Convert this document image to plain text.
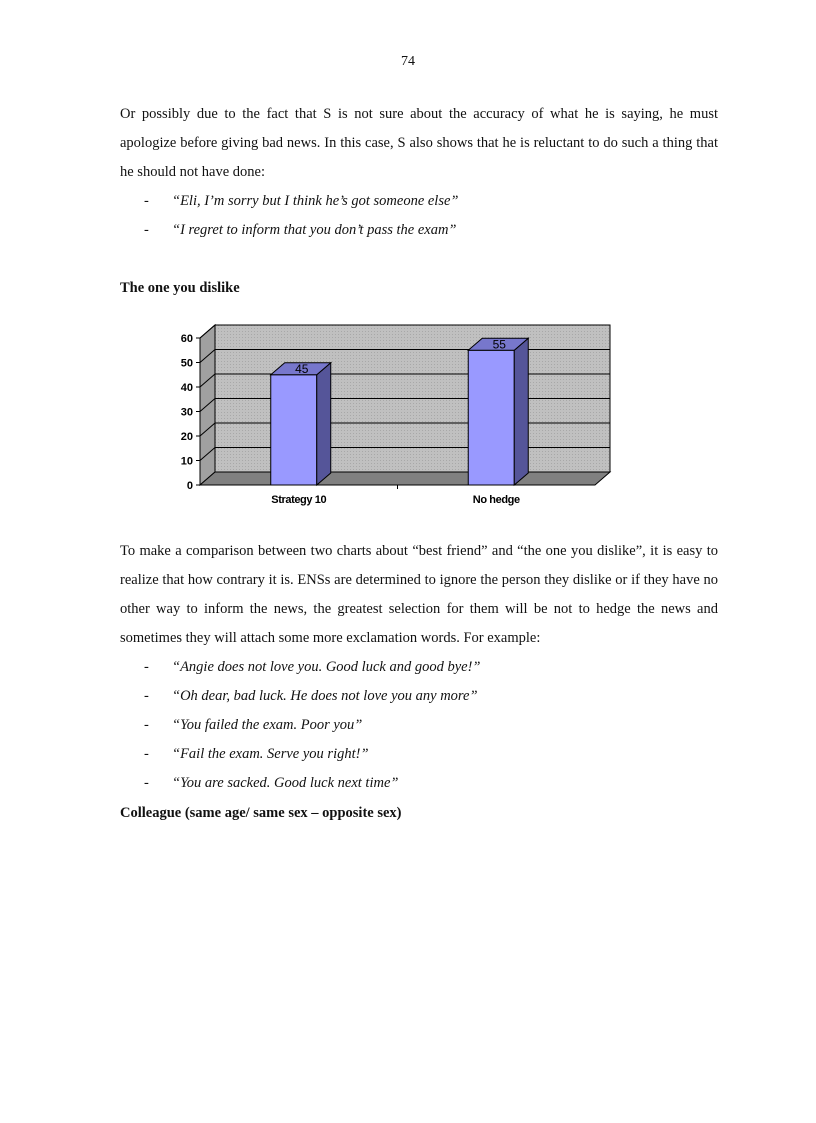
74

Or possibly due to the fact that S is not sure about the accuracy of what he is saying, he must apologize before giving bad news. In this case, S also shows that he is reluctant to do such a thing that he should not have done:

- “Eli, I’m sorry but I think he’s got someone else”
- “I regret to inform that you don’t pass the exam”
The one you dislike
0
10
20
30
40
50
60
45
Strategy 10
55
No hedge

To make a comparison between two charts about “best friend” and “the one you dislike”, it is easy to realize that how contrary it is. ENSs are determined to ignore the person they dislike or if they have no other way to inform the news, the greatest selection for them will be not to hedge the news and sometimes they will attach some more exclamation words. For example:

- “Angie does not love you. Good luck and good bye!”
- “Oh dear, bad luck. He does not love you any more”
- “You failed the exam. Poor you”
- “Fail the exam. Serve you right!”
- “You are sacked. Good luck next time”
Colleague (same age/ same sex – opposite sex)
